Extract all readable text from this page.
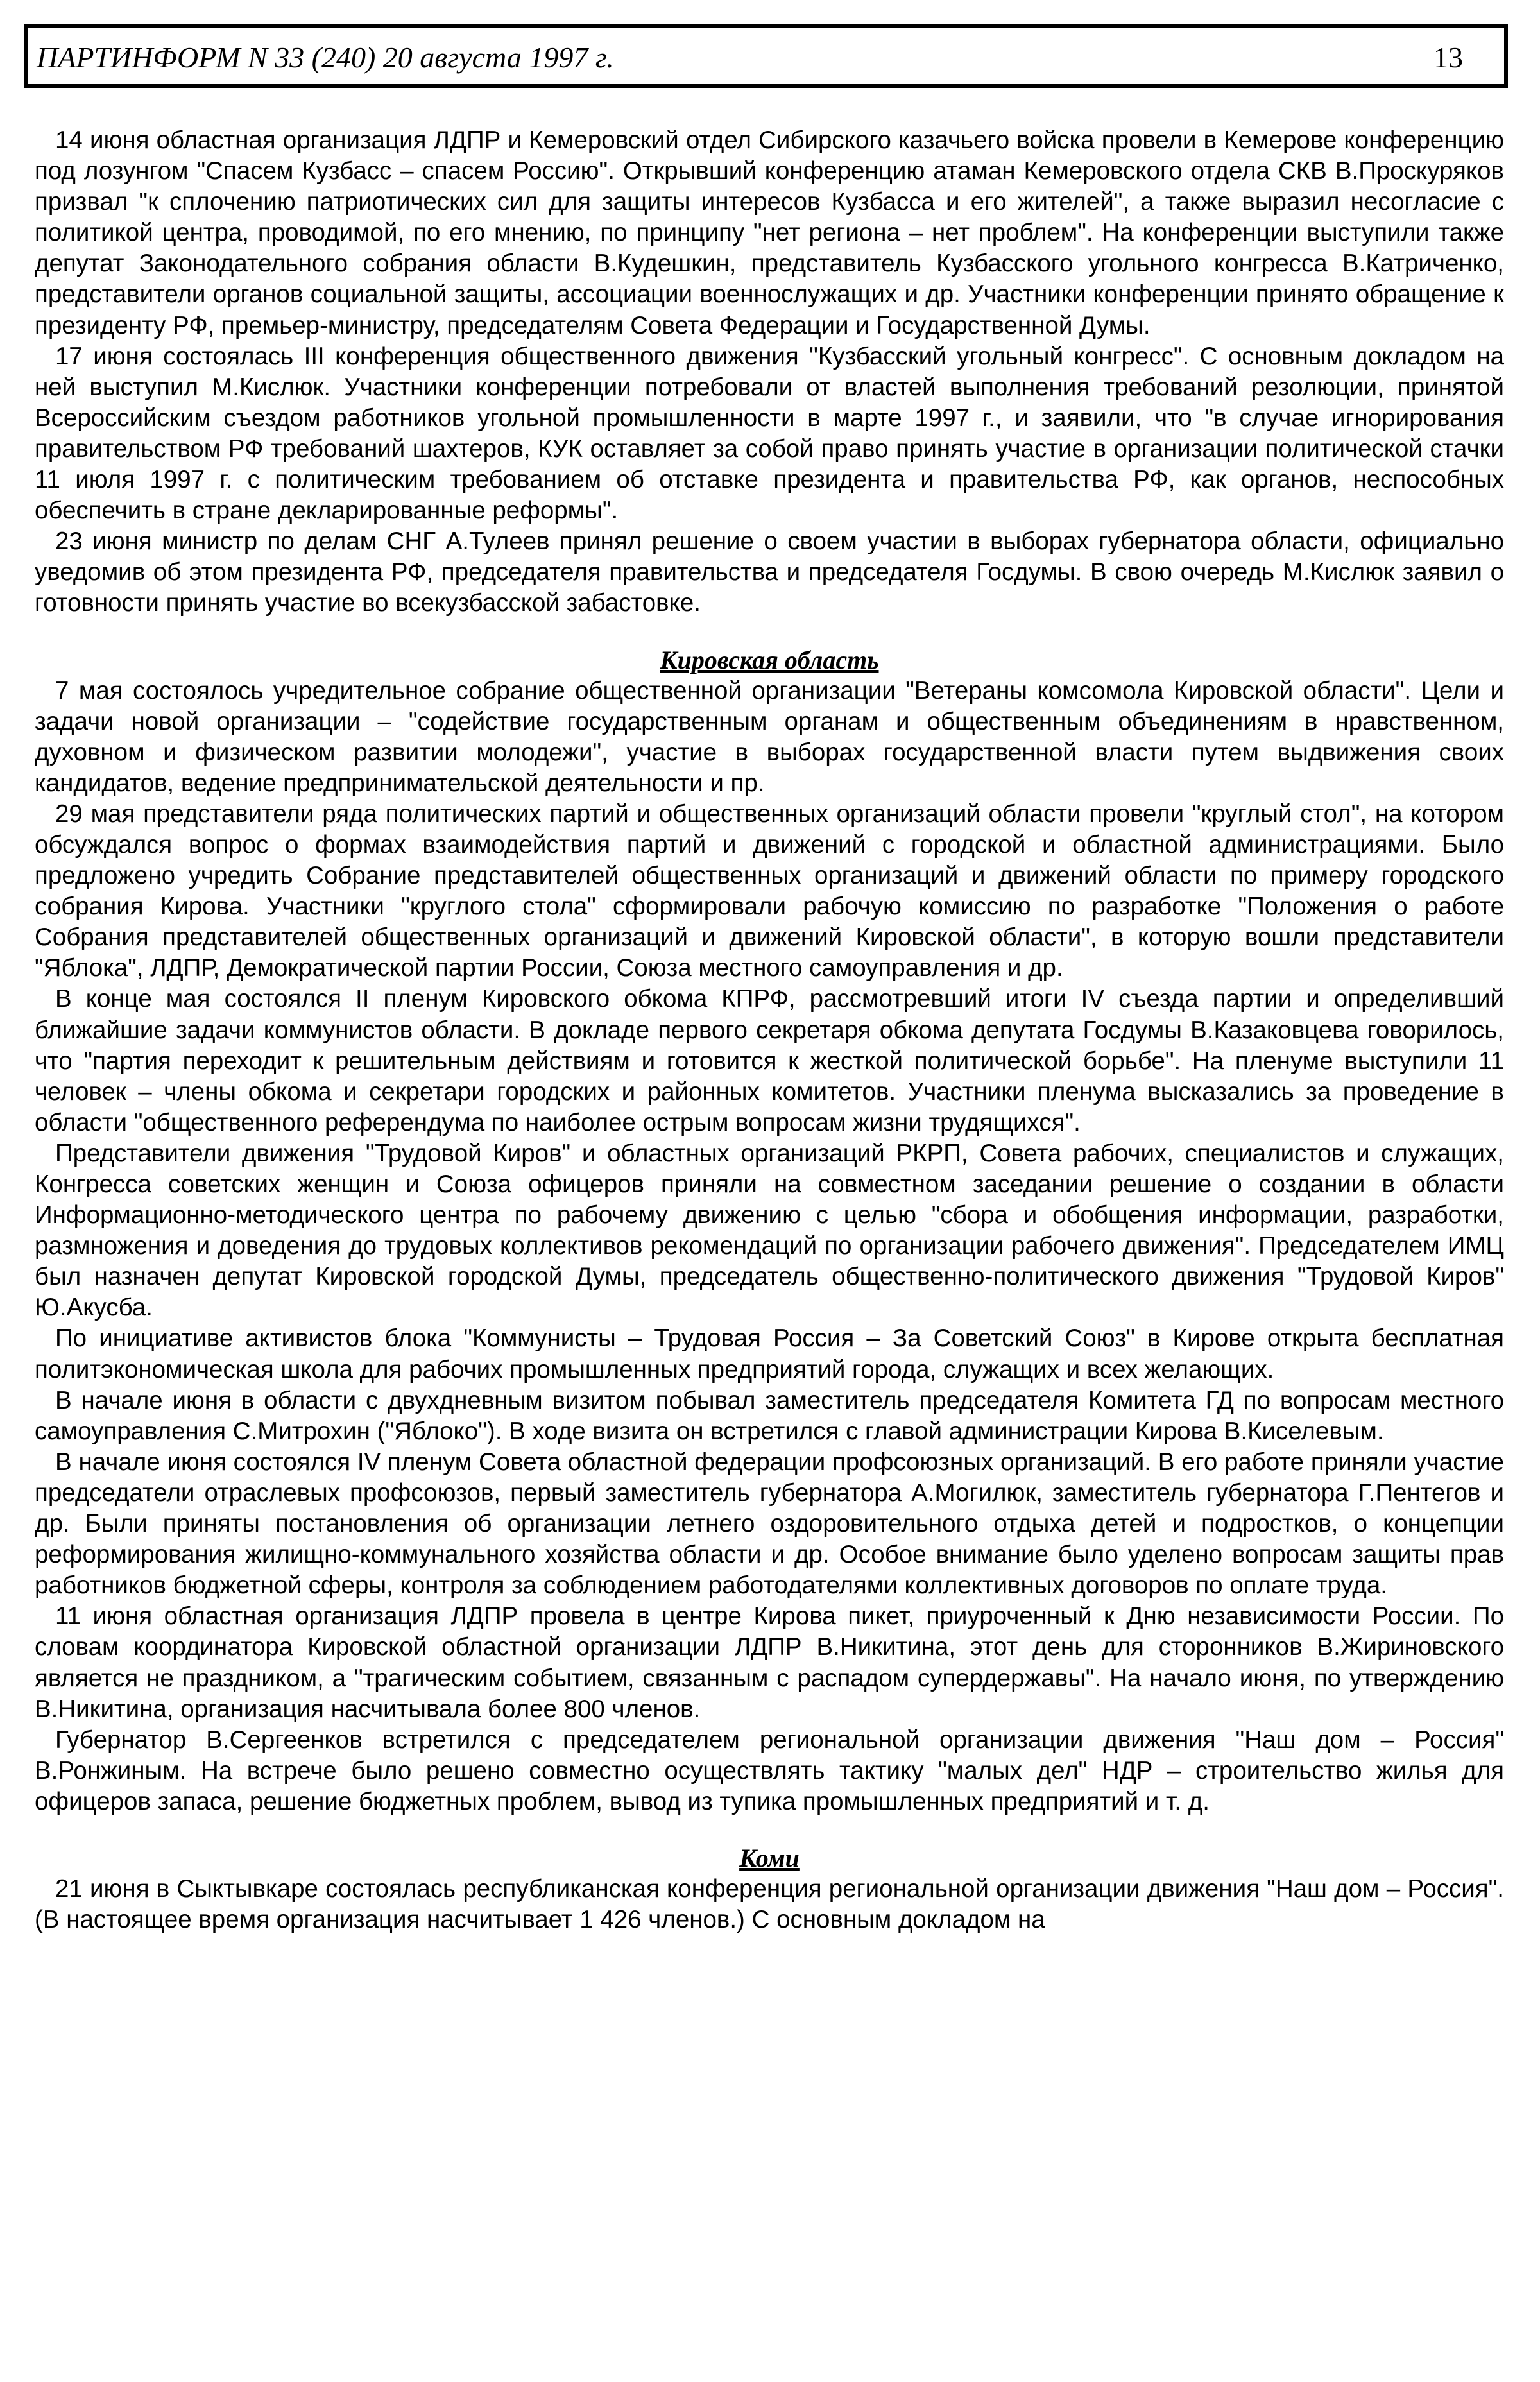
ПАРТИНФОРМ N 33 (240) 20 августа 1997 г.	13

14 июня областная организация ЛДПР и Кемеровский отдел Сибирского казачьего войска провели в Кемерове конференцию под лозунгом "Спасем Кузбасс – спасем Россию". Открывший конференцию атаман Кемеровского отдела СКВ В.Проскуряков призвал "к сплочению патриотических сил для защиты интересов Кузбасса и его жителей", а также выразил несогласие с политикой центра, проводимой, по его мнению, по принципу "нет региона – нет проблем". На конференции выступили также депутат Законодательного собрания области В.Кудешкин, представитель Кузбасского угольного конгресса В.Катриченко, представители органов социальной защиты, ассоциации военнослужащих и др. Участники конференции принято обращение к президенту РФ, премьер-министру, председателям Совета Федерации и Государственной Думы.

17 июня состоялась III конференция общественного движения "Кузбасский угольный конгресс". С основным докладом на ней выступил М.Кислюк. Участники конференции потребовали от властей выполнения требований резолюции, принятой Всероссийским съездом работников угольной промышленности в марте 1997 г., и заявили, что "в случае игнорирования правительством РФ требований шахтеров, КУК оставляет за собой право принять участие в организации политической стачки 11 июля 1997 г. с политическим требованием об отставке президента и правительства РФ, как органов, неспособных обеспечить в стране декларированные реформы".

23 июня министр по делам СНГ А.Тулеев принял решение о своем участии в выборах губернатора области, официально уведомив об этом президента РФ, председателя правительства и председателя Госдумы. В свою очередь М.Кислюк заявил о готовности принять участие во всекузбасской забастовке.

Кировская область

7 мая состоялось учредительное собрание общественной организации "Ветераны комсомола Кировской области". Цели и задачи новой организации – "содействие государственным органам и общественным объединениям в нравственном, духовном и физическом развитии молодежи", участие в выборах государственной власти путем выдвижения своих кандидатов, ведение предпринимательской деятельности и пр.

29 мая представители ряда политических партий и общественных организаций области провели "круглый стол", на котором обсуждался вопрос о формах взаимодействия партий и движений с городской и областной администрациями. Было предложено учредить Собрание представителей общественных организаций и движений области по примеру городского собрания Кирова. Участники "круглого стола" сформировали рабочую комиссию по разработке "Положения о работе Собрания представителей общественных организаций и движений Кировской области", в которую вошли представители "Яблока", ЛДПР, Демократической партии России, Союза местного самоуправления и др.

В конце мая состоялся II пленум Кировского обкома КПРФ, рассмотревший итоги IV съезда партии и определивший ближайшие задачи коммунистов области. В докладе первого секретаря обкома депутата Госдумы В.Казаковцева говорилось, что "партия переходит к решительным действиям и готовится к жесткой политической борьбе". На пленуме выступили 11 человек – члены обкома и секретари городских и районных комитетов. Участники пленума высказались за проведение в области "общественного референдума по наиболее острым вопросам жизни трудящихся".

Представители движения "Трудовой Киров" и областных организаций РКРП, Совета рабочих, специалистов и служащих, Конгресса советских женщин и Союза офицеров приняли на совместном заседании решение о создании в области Информационно-методического центра по рабочему движению с целью "сбора и обобщения информации, разработки, размножения и доведения до трудовых коллективов рекомендаций по организации рабочего движения". Председателем ИМЦ был назначен депутат Кировской городской Думы, председатель общественно-политического движения "Трудовой Киров" Ю.Акусба.

По инициативе активистов блока "Коммунисты – Трудовая Россия – За Советский Союз" в Кирове открыта бесплатная политэкономическая школа для рабочих промышленных предприятий города, служащих и всех желающих.

В начале июня в области с двухдневным визитом побывал заместитель председателя Комитета ГД по вопросам местного самоуправления С.Митрохин ("Яблоко"). В ходе визита он встретился с главой администрации Кирова В.Киселевым.

В начале июня состоялся IV пленум Совета областной федерации профсоюзных организаций. В его работе приняли участие председатели отраслевых профсоюзов, первый заместитель губернатора А.Могилюк, заместитель губернатора Г.Пентегов и др. Были приняты постановления об организации летнего оздоровительного отдыха детей и подростков, о концепции реформирования жилищно-коммунального хозяйства области и др. Особое внимание было уделено вопросам защиты прав работников бюджетной сферы, контроля за соблюдением работодателями коллективных договоров по оплате труда.

11 июня областная организация ЛДПР провела в центре Кирова пикет, приуроченный к Дню независимости России. По словам координатора Кировской областной организации ЛДПР В.Никитина, этот день для сторонников В.Жириновского является не праздником, а "трагическим событием, связанным с распадом супердержавы". На начало июня, по утверждению В.Никитина, организация насчитывала более 800 членов.

Губернатор В.Сергеенков встретился с председателем региональной организации движения "Наш дом – Россия" В.Ронжиным. На встрече было решено совместно осуществлять тактику "малых дел" НДР – строительство жилья для офицеров запаса, решение бюджетных проблем, вывод из тупика промышленных предприятий и т. д.

Коми

21 июня в Сыктывкаре состоялась республиканская конференция региональной организации движения "Наш дом – Россия". (В настоящее время организация насчитывает 1 426 членов.) С основным докладом на
